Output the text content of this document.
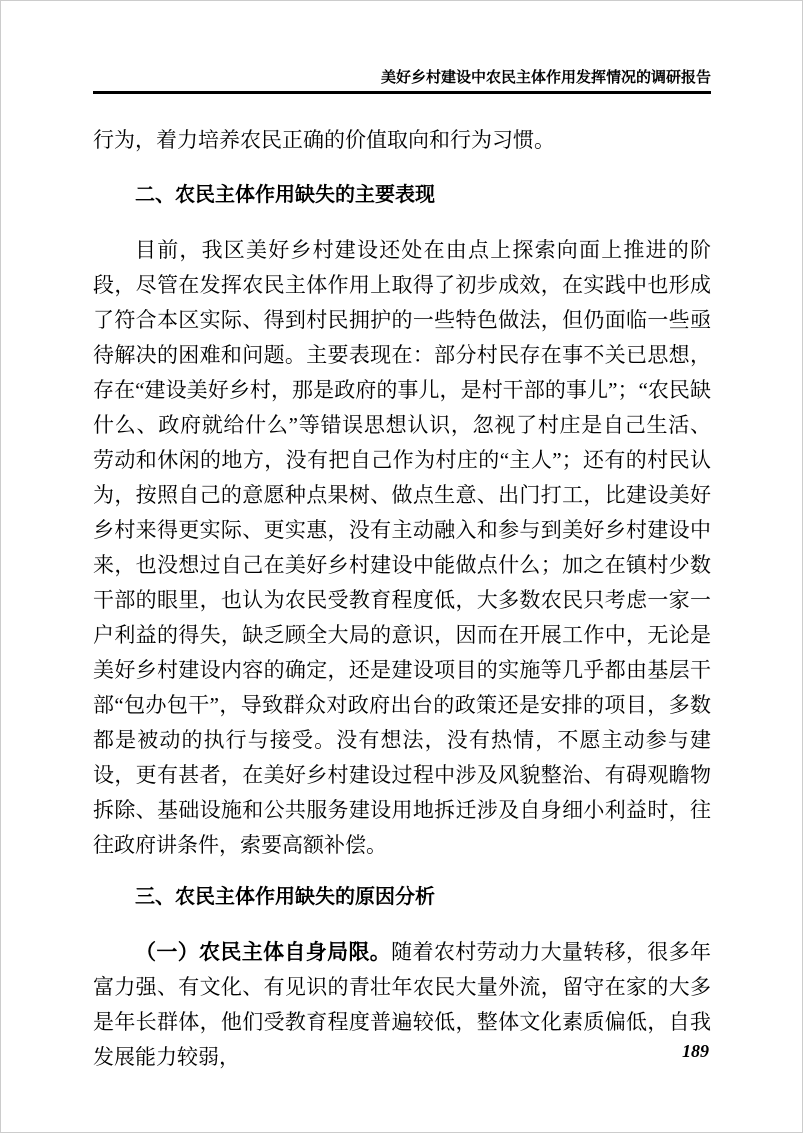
美好乡村建设中农民主体作用发挥情况的调研报告

行为，着力培养农民正确的价值取向和行为习惯。

二、农民主体作用缺失的主要表现

目前，我区美好乡村建设还处在由点上探索向面上推进的阶段，尽管在发挥农民主体作用上取得了初步成效，在实践中也形成了符合本区实际、得到村民拥护的一些特色做法，但仍面临一些亟待解决的困难和问题。主要表现在：部分村民存在事不关已思想，存在“建设美好乡村，那是政府的事儿，是村干部的事儿”；“农民缺什么、政府就给什么”等错误思想认识，忽视了村庄是自己生活、劳动和休闲的地方，没有把自己作为村庄的“主人”；还有的村民认为，按照自己的意愿种点果树、做点生意、出门打工，比建设美好乡村来得更实际、更实惠，没有主动融入和参与到美好乡村建设中来，也没想过自己在美好乡村建设中能做点什么；加之在镇村少数干部的眼里，也认为农民受教育程度低，大多数农民只考虑一家一户利益的得失，缺乏顾全大局的意识，因而在开展工作中，无论是美好乡村建设内容的确定，还是建设项目的实施等几乎都由基层干部“包办包干”，导致群众对政府出台的政策还是安排的项目，多数都是被动的执行与接受。没有想法，没有热情，不愿主动参与建设，更有甚者，在美好乡村建设过程中涉及风貌整治、有碍观瞻物拆除、基础设施和公共服务建设用地拆迁涉及自身细小利益时，往往政府讲条件，索要高额补偿。

三、农民主体作用缺失的原因分析

（一）农民主体自身局限。随着农村劳动力大量转移，很多年富力强、有文化、有见识的青壮年农民大量外流，留守在家的大多是年长群体，他们受教育程度普遍较低，整体文化素质偏低，自我发展能力较弱，	189
